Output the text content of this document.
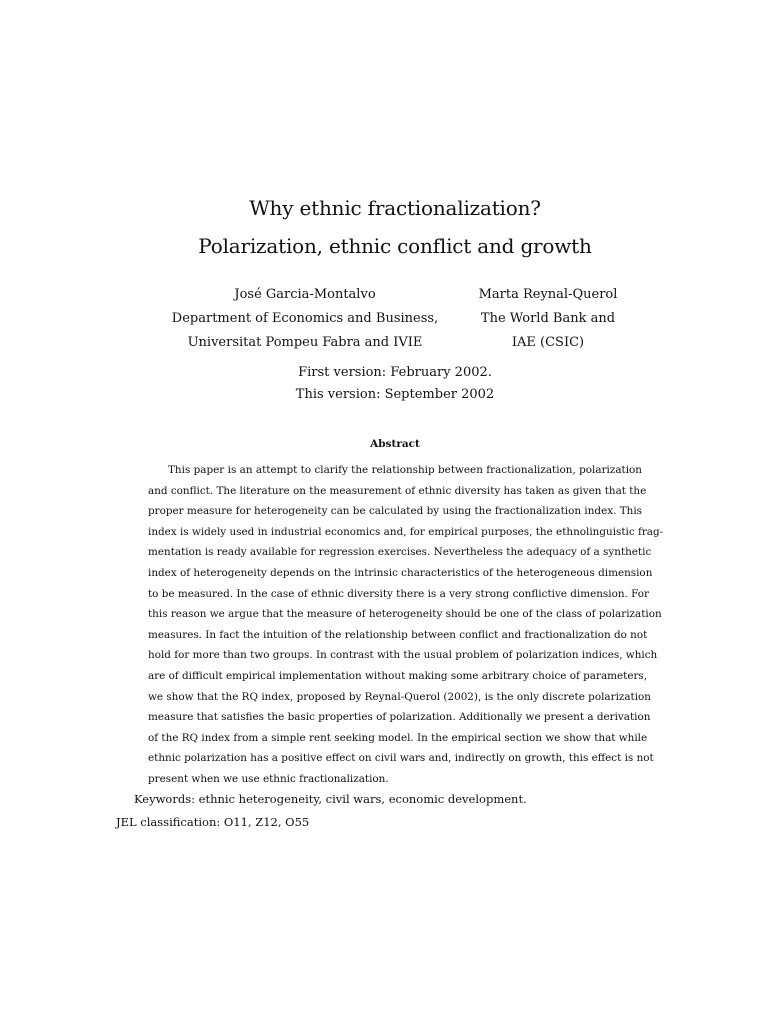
Why ethnic fractionalization?
Polarization, ethnic conflict and growth
José Garcia-Montalvo
Department of Economics and Business,
Universitat Pompeu Fabra and IVIE
Marta Reynal-Querol
The World Bank and
IAE (CSIC)
First version: February 2002.
This version: September 2002
Abstract
This paper is an attempt to clarify the relationship between fractionalization, polarization
and conflict. The literature on the measurement of ethnic diversity has taken as given that the
proper measure for heterogeneity can be calculated by using the fractionalization index. This
index is widely used in industrial economics and, for empirical purposes, the ethnolinguistic frag-
mentation is ready available for regression exercises. Nevertheless the adequacy of a synthetic
index of heterogeneity depends on the intrinsic characteristics of the heterogeneous dimension
to be measured. In the case of ethnic diversity there is a very strong conflictive dimension. For
this reason we argue that the measure of heterogeneity should be one of the class of polarization
measures. In fact the intuition of the relationship between conflict and fractionalization do not
hold for more than two groups. In contrast with the usual problem of polarization indices, which
are of difficult empirical implementation without making some arbitrary choice of parameters,
we show that the RQ index, proposed by Reynal-Querol (2002), is the only discrete polarization
measure that satisfies the basic properties of polarization. Additionally we present a derivation
of the RQ index from a simple rent seeking model. In the empirical section we show that while
ethnic polarization has a positive effect on civil wars and, indirectly on growth, this effect is not
present when we use ethnic fractionalization.
Keywords: ethnic heterogeneity, civil wars, economic development.
JEL classification: O11, Z12, O55
